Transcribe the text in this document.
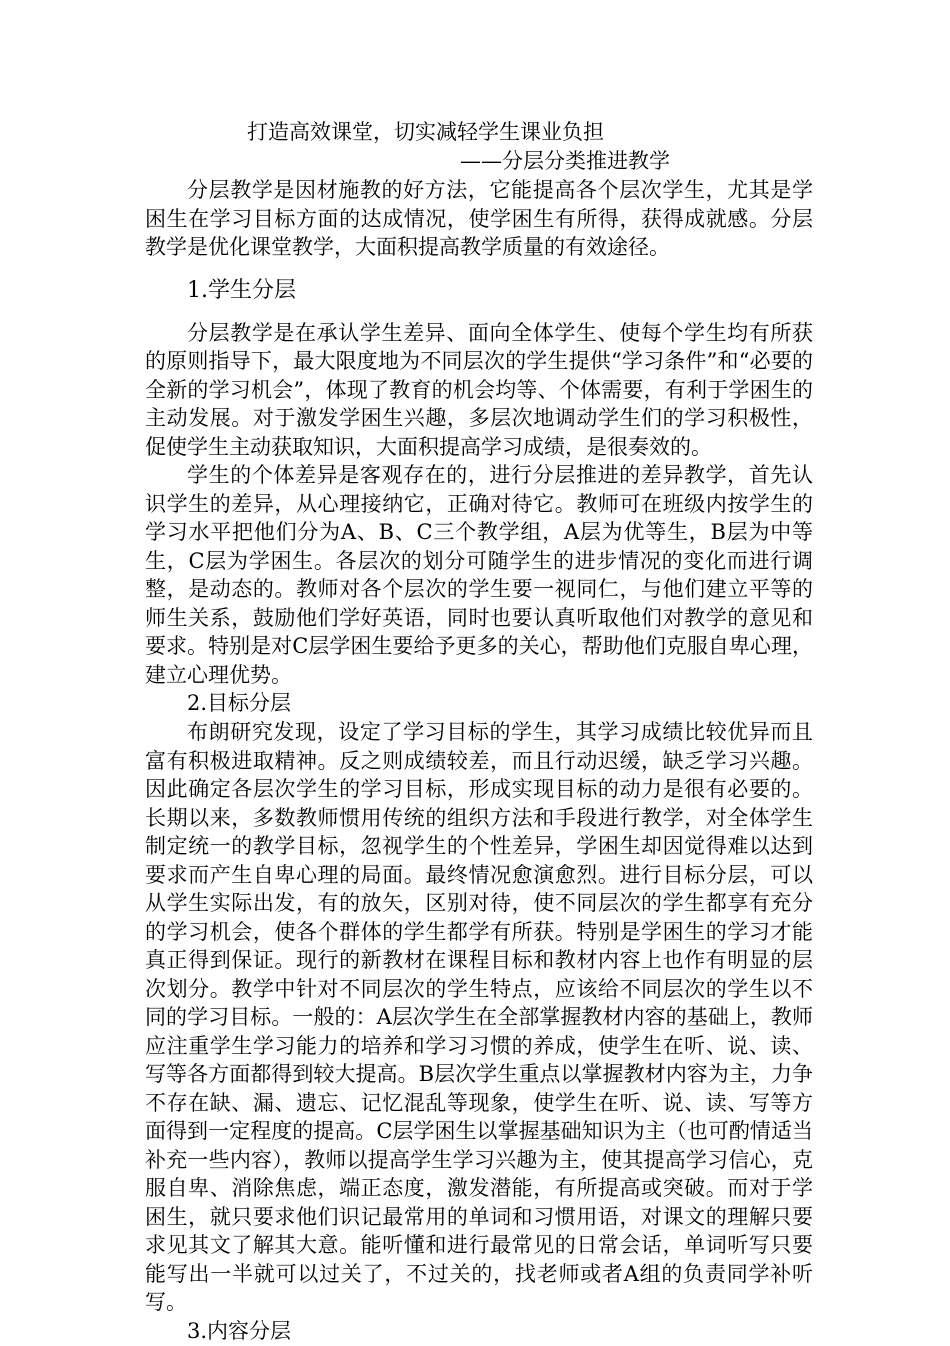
打造高效课堂，切实减轻学生课业负担
——分层分类推进教学

分层教学是因材施教的好方法，它能提高各个层次学生，尤其是学困生在学习目标方面的达成情况，使学困生有所得，获得成就感。分层教学是优化课堂教学，大面积提高教学质量的有效途径。

1.学生分层

分层教学是在承认学生差异、面向全体学生、使每个学生均有所获的原则指导下，最大限度地为不同层次的学生提供“学习条件”和“必要的全新的学习机会”，体现了教育的机会均等、个体需要，有利于学困生的主动发展。对于激发学困生兴趣，多层次地调动学生们的学习积极性，促使学生主动获取知识，大面积提高学习成绩，是很奏效的。

学生的个体差异是客观存在的，进行分层推进的差异教学，首先认识学生的差异，从心理接纳它，正确对待它。教师可在班级内按学生的学习水平把他们分为A、B、C三个教学组，A层为优等生，B层为中等生，C层为学困生。各层次的划分可随学生的进步情况的变化而进行调整，是动态的。教师对各个层次的学生要一视同仁，与他们建立平等的师生关系，鼓励他们学好英语，同时也要认真听取他们对教学的意见和要求。特别是对C层学困生要给予更多的关心，帮助他们克服自卑心理，建立心理优势。

2.目标分层

布朗研究发现，设定了学习目标的学生，其学习成绩比较优异而且富有积极进取精神。反之则成绩较差，而且行动迟缓，缺乏学习兴趣。因此确定各层次学生的学习目标，形成实现目标的动力是很有必要的。长期以来，多数教师惯用传统的组织方法和手段进行教学，对全体学生制定统一的教学目标，忽视学生的个性差异，学困生却因觉得难以达到要求而产生自卑心理的局面。最终情况愈演愈烈。进行目标分层，可以从学生实际出发，有的放矢，区别对待，使不同层次的学生都享有充分的学习机会，使各个群体的学生都学有所获。特别是学困生的学习才能真正得到保证。现行的新教材在课程目标和教材内容上也作有明显的层次划分。教学中针对不同层次的学生特点，应该给不同层次的学生以不同的学习目标。一般的：A层次学生在全部掌握教材内容的基础上，教师应注重学生学习能力的培养和学习习惯的养成，使学生在听、说、读、写等各方面都得到较大提高。B层次学生重点以掌握教材内容为主，力争不存在缺、漏、遗忘、记忆混乱等现象，使学生在听、说、读、写等方面得到一定程度的提高。C层学困生以掌握基础知识为主（也可酌情适当补充一些内容），教师以提高学生学习兴趣为主，使其提高学习信心，克服自卑、消除焦虑，端正态度，激发潜能，有所提高或突破。而对于学困生，就只要求他们识记最常用的单词和习惯用语，对课文的理解只要求见其文了解其大意。能听懂和进行最常见的日常会话，单词听写只要能写出一半就可以过关了，不过关的，找老师或者A组的负责同学补听写。

3.内容分层
